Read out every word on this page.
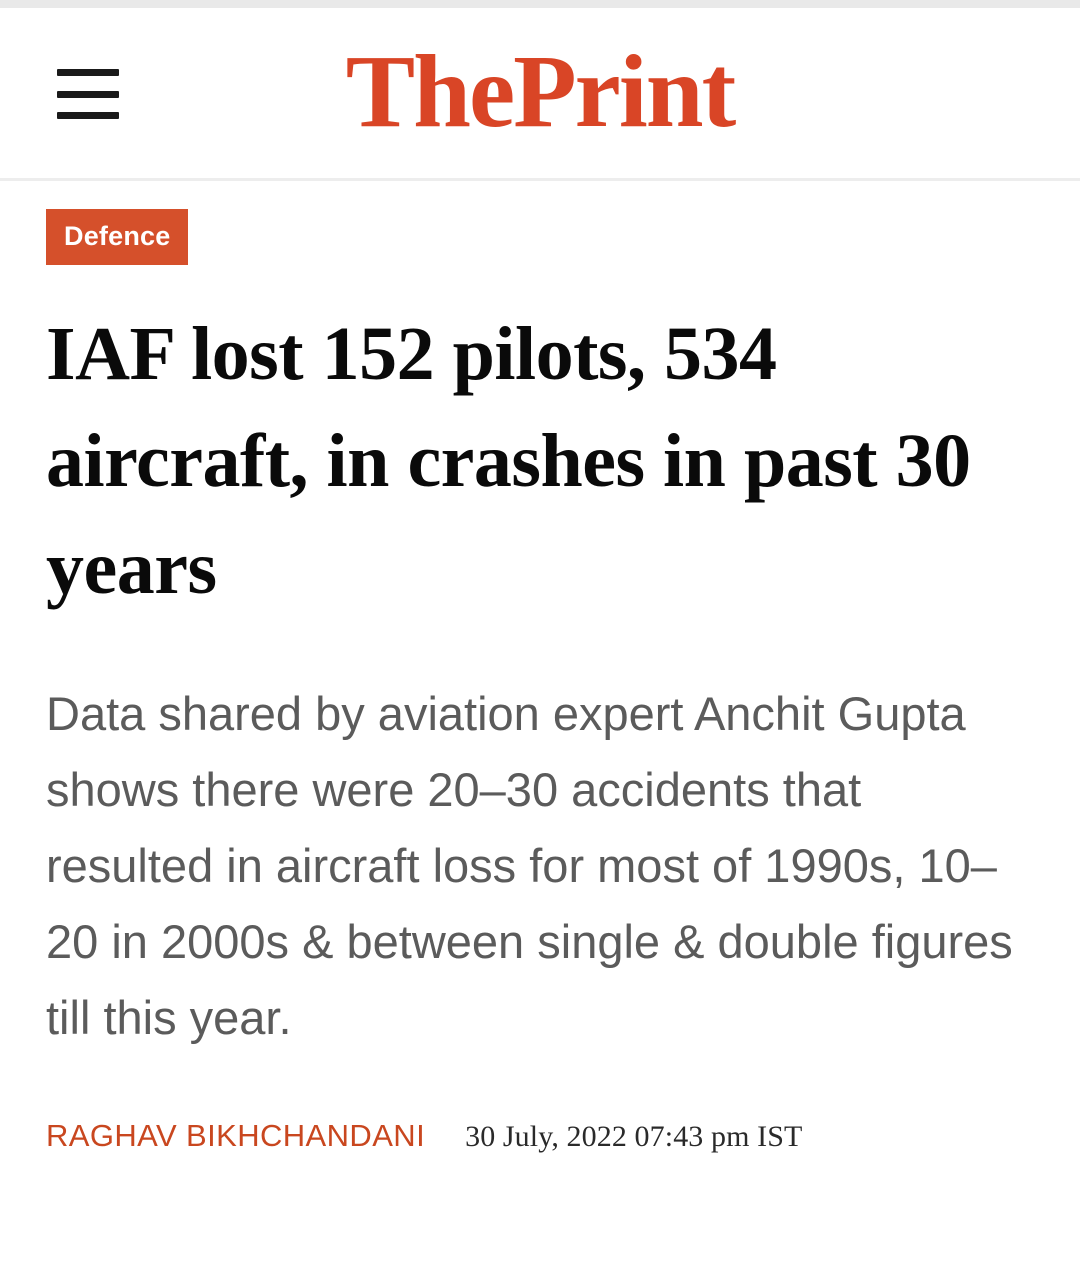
ThePrint
Defence
IAF lost 152 pilots, 534 aircraft, in crashes in past 30 years

Data shared by aviation expert Anchit Gupta shows there were 20–30 accidents that resulted in aircraft loss for most of 1990s, 10–20 in 2000s & between single & double figures till this year.

RAGHAV BIKHCHANDANI 30 July, 2022 07:43 pm IST
